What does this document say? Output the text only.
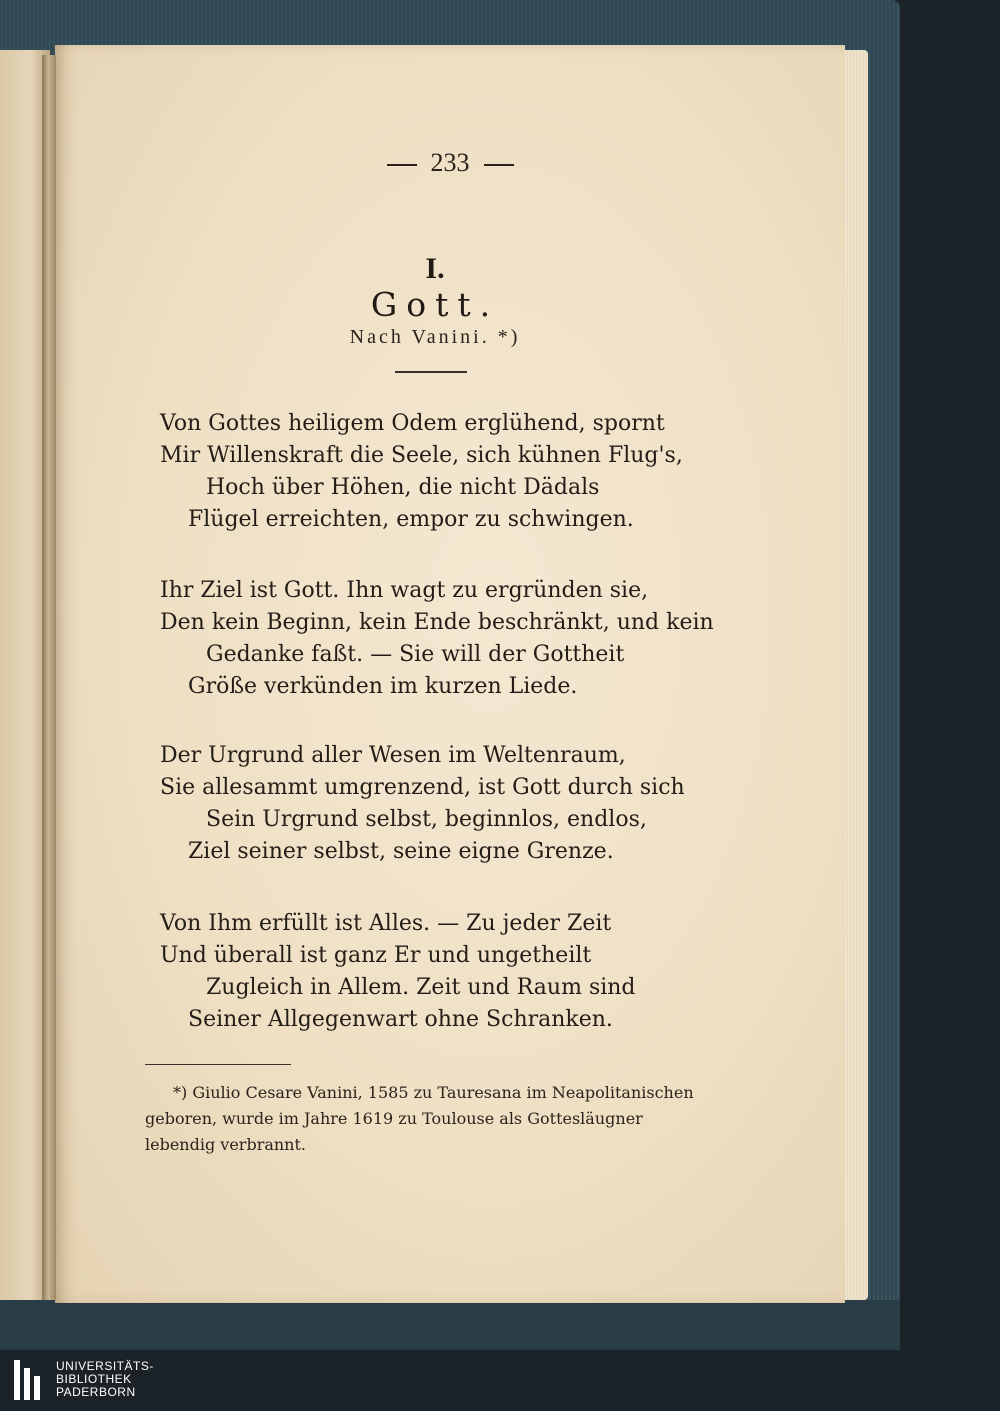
233
I.
Gott.
Nach Vanini. *)
Von Gottes heiligem Odem erglühend, spornt
Mir Willenskraft die Seele, sich kühnen Flug's,
Hoch über Höhen, die nicht Dädals
Flügel erreichten, empor zu schwingen.
Ihr Ziel ist Gott. Ihn wagt zu ergründen sie,
Den kein Beginn, kein Ende beschränkt, und kein
Gedanke faßt. — Sie will der Gottheit
Größe verkünden im kurzen Liede.
Der Urgrund aller Wesen im Weltenraum,
Sie allesammt umgrenzend, ist Gott durch sich
Sein Urgrund selbst, beginnlos, endlos,
Ziel seiner selbst, seine eigne Grenze.
Von Ihm erfüllt ist Alles. — Zu jeder Zeit
Und überall ist ganz Er und ungetheilt
Zugleich in Allem. Zeit und Raum sind
Seiner Allgegenwart ohne Schranken.
*) Giulio Cesare Vanini, 1585 zu Tauresana im Neapolitanischen
geboren, wurde im Jahre 1619 zu Toulouse als Gottesläugner
lebendig verbrannt.
UNIVERSITÄTS-
BIBLIOTHEK
PADERBORN
